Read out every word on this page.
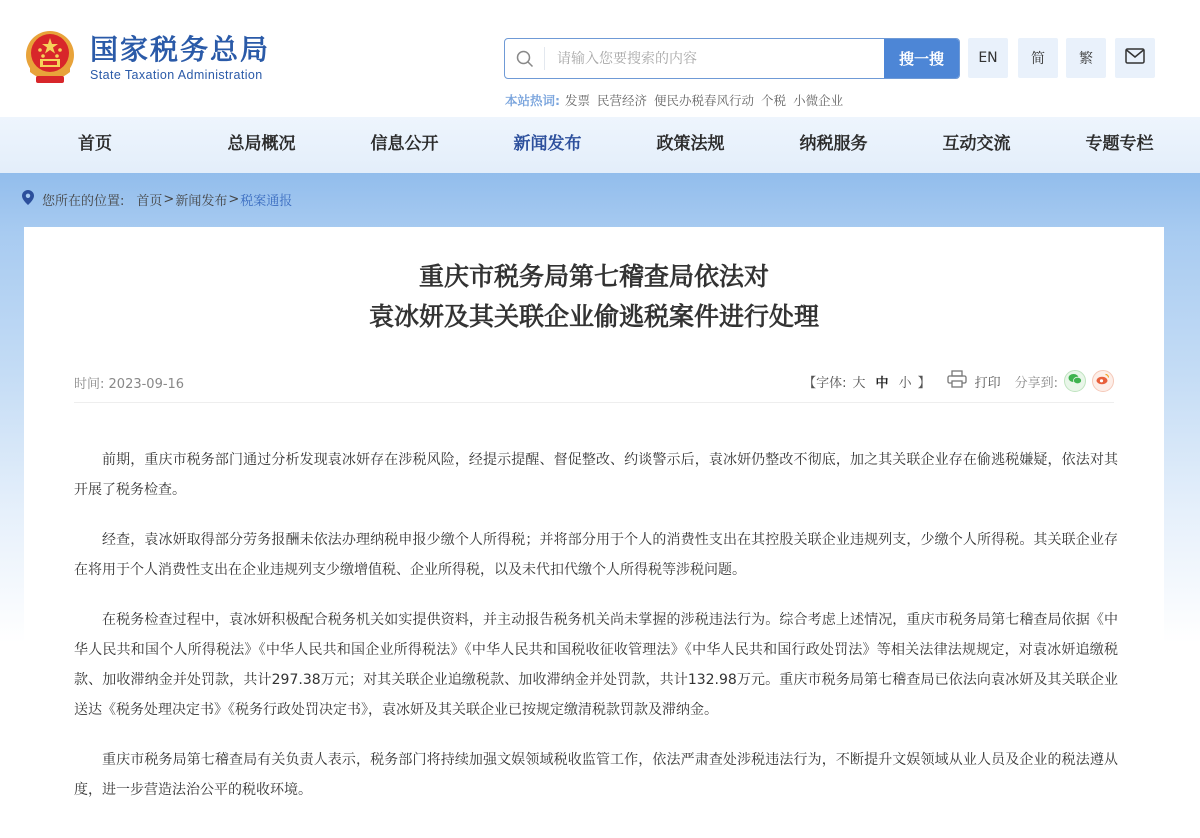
国家税务总局
State Taxation Administration
请输入您要搜索的内容
搜一搜	EN	简	繁
本站热词: 发票 民营经济 便民办税春风行动 个税 小微企业
首页	总局概况	信息公开	新闻发布	政策法规	纳税服务	互动交流	专题专栏
您所在的位置: 首页 > 新闻发布 > 税案通报
重庆市税务局第七稽查局依法对
袁冰妍及其关联企业偷逃税案件进行处理
时间: 2023-09-16	【字体: 大 中 小 】	打印 分享到:

前期，重庆市税务部门通过分析发现袁冰妍存在涉税风险，经提示提醒、督促整改、约谈警示后，袁冰妍仍整改不彻底，加之其关联企业存在偷逃税嫌疑，依法对其开展了税务检查。

经查，袁冰妍取得部分劳务报酬未依法办理纳税申报少缴个人所得税；并将部分用于个人的消费性支出在其控股关联企业违规列支，少缴个人所得税。其关联企业存在将用于个人消费性支出在企业违规列支少缴增值税、企业所得税，以及未代扣代缴个人所得税等涉税问题。

在税务检查过程中，袁冰妍积极配合税务机关如实提供资料，并主动报告税务机关尚未掌握的涉税违法行为。综合考虑上述情况，重庆市税务局第七稽查局依据《中华人民共和国个人所得税法》《中华人民共和国企业所得税法》《中华人民共和国税收征收管理法》《中华人民共和国行政处罚法》等相关法律法规规定，对袁冰妍追缴税款、加收滞纳金并处罚款，共计297.38万元；对其关联企业追缴税款、加收滞纳金并处罚款，共计132.98万元。重庆市税务局第七稽查局已依法向袁冰妍及其关联企业送达《税务处理决定书》《税务行政处罚决定书》，袁冰妍及其关联企业已按规定缴清税款罚款及滞纳金。

重庆市税务局第七稽查局有关负责人表示，税务部门将持续加强文娱领域税收监管工作，依法严肃查处涉税违法行为，不断提升文娱领域从业人员及企业的税法遵从度，进一步营造法治公平的税收环境。
